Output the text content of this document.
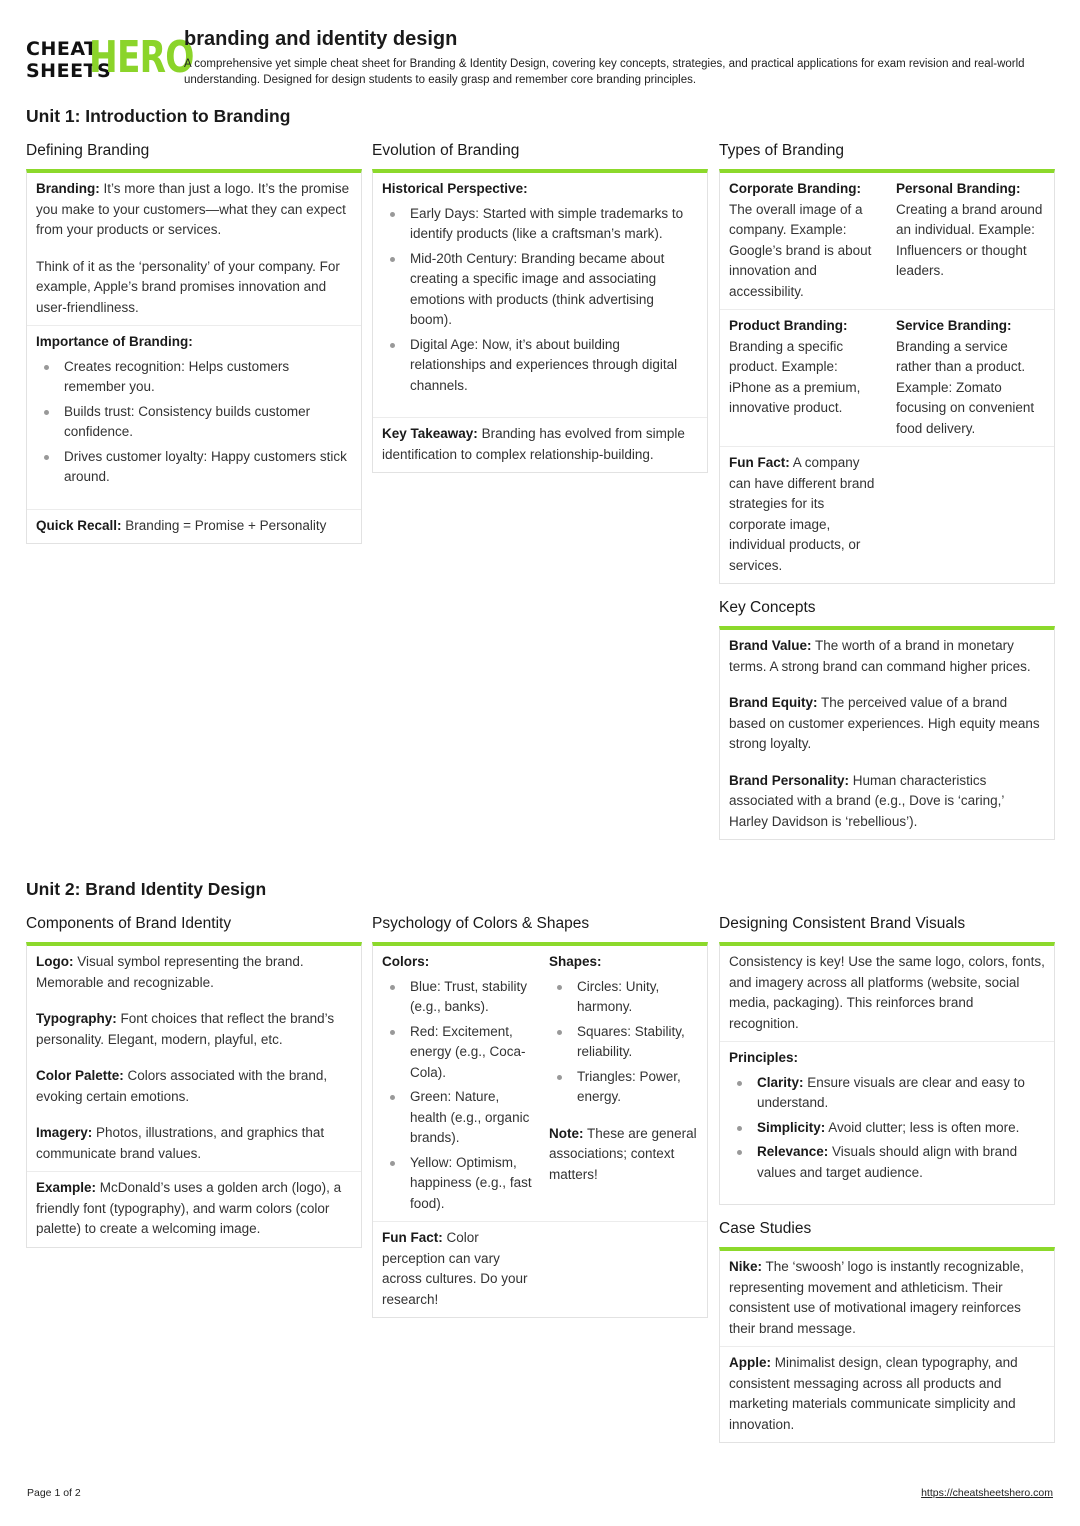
CHEAT
SHEETS
HERO
branding and identity design
A comprehensive yet simple cheat sheet for Branding & Identity Design, covering key concepts, strategies, and practical applications for exam revision and real-world understanding. Designed for design students to easily grasp and remember core branding principles.
Unit 1: Introduction to Branding
Defining Branding

Branding: It’s more than just a logo. It’s the promise you make to your customers—what they can expect from your products or services.

Think of it as the ‘personality’ of your company. For example, Apple’s brand promises innovation and user-friendliness.

Importance of Branding:
Creates recognition: Helps customers remember you.
Builds trust: Consistency builds customer confidence.
Drives customer loyalty: Happy customers stick around.
Quick Recall: Branding = Promise + Personality
Evolution of Branding
Historical Perspective:
Early Days: Started with simple trademarks to identify products (like a craftsman’s mark).
Mid-20th Century: Branding became about creating a specific image and associating emotions with products (think advertising boom).
Digital Age: Now, it’s about building relationships and experiences through digital channels.
Key Takeaway: Branding has evolved from simple identification to complex relationship-building.
Types of Branding
Corporate Branding:
The overall image of a company. Example: Google’s brand is about innovation and accessibility.
Personal Branding:
Creating a brand around an individual. Example: Influencers or thought leaders.
Product Branding:
Branding a specific product. Example: iPhone as a premium, innovative product.
Service Branding:
Branding a service rather than a product. Example: Zomato focusing on convenient food delivery.
Fun Fact: A company can have different brand strategies for its corporate image, individual products, or services.
Key Concepts

Brand Value: The worth of a brand in monetary terms. A strong brand can command higher prices.

Brand Equity: The perceived value of a brand based on customer experiences. High equity means strong loyalty.

Brand Personality: Human characteristics associated with a brand (e.g., Dove is ‘caring,’ Harley Davidson is ‘rebellious’).

Unit 2: Brand Identity Design
Components of Brand Identity

Logo: Visual symbol representing the brand. Memorable and recognizable.

Typography: Font choices that reflect the brand’s personality. Elegant, modern, playful, etc.

Color Palette: Colors associated with the brand, evoking certain emotions.

Imagery: Photos, illustrations, and graphics that communicate brand values.

Example: McDonald’s uses a golden arch (logo), a friendly font (typography), and warm colors (color palette) to create a welcoming image.
Psychology of Colors & Shapes
Colors:
Blue: Trust, stability (e.g., banks).
Red: Excitement, energy (e.g., Coca-Cola).
Green: Nature, health (e.g., organic brands).
Yellow: Optimism, happiness (e.g., fast food).
Shapes:
Circles: Unity, harmony.
Squares: Stability, reliability.
Triangles: Power, energy.
Note: These are general associations; context matters!
Fun Fact: Color perception can vary across cultures. Do your research!
Designing Consistent Brand Visuals
Consistency is key! Use the same logo, colors, fonts, and imagery across all platforms (website, social media, packaging). This reinforces brand recognition.
Principles:
Clarity: Ensure visuals are clear and easy to understand.
Simplicity: Avoid clutter; less is often more.
Relevance: Visuals should align with brand values and target audience.
Case Studies
Nike: The ‘swoosh’ logo is instantly recognizable, representing movement and athleticism. Their consistent use of motivational imagery reinforces their brand message.
Apple: Minimalist design, clean typography, and consistent messaging across all products and marketing materials communicate simplicity and innovation.
Page 1 of 2	https://cheatsheetshero.com
